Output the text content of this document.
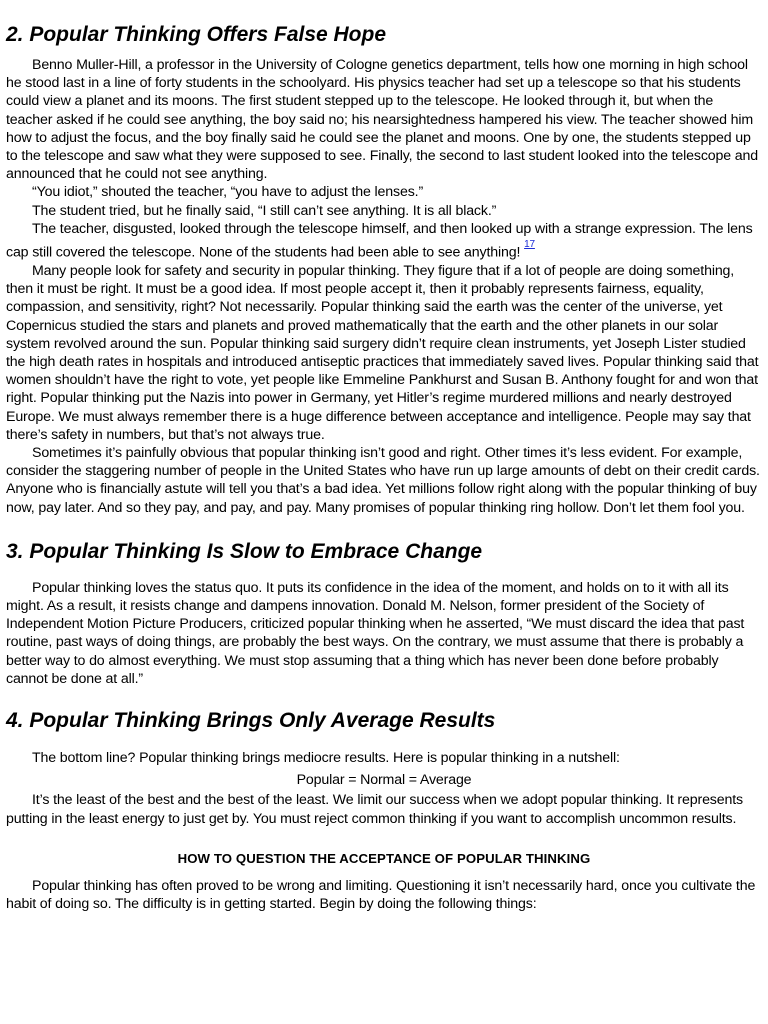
2. Popular Thinking Offers False Hope

Benno Muller-Hill, a professor in the University of Cologne genetics department, tells how one morning in high school he stood last in a line of forty students in the schoolyard. His physics teacher had set up a telescope so that his students could view a planet and its moons. The first student stepped up to the telescope. He looked through it, but when the teacher asked if he could see anything, the boy said no; his nearsightedness hampered his view. The teacher showed him how to adjust the focus, and the boy finally said he could see the planet and moons. One by one, the students stepped up to the telescope and saw what they were supposed to see. Finally, the second to last student looked into the telescope and announced that he could not see anything.

“You idiot,” shouted the teacher, “you have to adjust the lenses.”

The student tried, but he finally said, “I still can’t see anything. It is all black.”

The teacher, disgusted, looked through the telescope himself, and then looked up with a strange expression. The lens cap still covered the telescope. None of the students had been able to see anything! $^{^{17}}$

Many people look for safety and security in popular thinking. They figure that if a lot of people are doing something, then it must be right. It must be a good idea. If most people accept it, then it probably represents fairness, equality, compassion, and sensitivity, right? Not necessarily. Popular thinking said the earth was the center of the universe, yet Copernicus studied the stars and planets and proved mathematically that the earth and the other planets in our solar system revolved around the sun. Popular thinking said surgery didn’t require clean instruments, yet Joseph Lister studied the high death rates in hospitals and introduced antiseptic practices that immediately saved lives. Popular thinking said that women shouldn’t have the right to vote, yet people like Emmeline Pankhurst and Susan B. Anthony fought for and won that right. Popular thinking put the Nazis into power in Germany, yet Hitler’s regime murdered millions and nearly destroyed Europe. We must always remember there is a huge difference between acceptance and intelligence. People may say that there’s safety in numbers, but that’s not always true.

Sometimes it’s painfully obvious that popular thinking isn’t good and right. Other times it’s less evident. For example, consider the staggering number of people in the United States who have run up large amounts of debt on their credit cards. Anyone who is financially astute will tell you that’s a bad idea. Yet millions follow right along with the popular thinking of buy now, pay later. And so they pay, and pay, and pay. Many promises of popular thinking ring hollow. Don’t let them fool you.

3. Popular Thinking Is Slow to Embrace Change

Popular thinking loves the status quo. It puts its confidence in the idea of the moment, and holds on to it with all its might. As a result, it resists change and dampens innovation. Donald M. Nelson, former president of the Society of Independent Motion Picture Producers, criticized popular thinking when he asserted, “We must discard the idea that past routine, past ways of doing things, are probably the best ways. On the contrary, we must assume that there is probably a better way to do almost everything. We must stop assuming that a thing which has never been done before probably cannot be done at all.”

4. Popular Thinking Brings Only Average Results

The bottom line? Popular thinking brings mediocre results. Here is popular thinking in a nutshell:

Popular = Normal = Average

It’s the least of the best and the best of the least. We limit our success when we adopt popular thinking. It represents putting in the least energy to just get by. You must reject common thinking if you want to accomplish uncommon results.

HOW TO QUESTION THE ACCEPTANCE OF POPULAR THINKING

Popular thinking has often proved to be wrong and limiting. Questioning it isn’t necessarily hard, once you cultivate the habit of doing so. The difficulty is in getting started. Begin by doing the following things:
